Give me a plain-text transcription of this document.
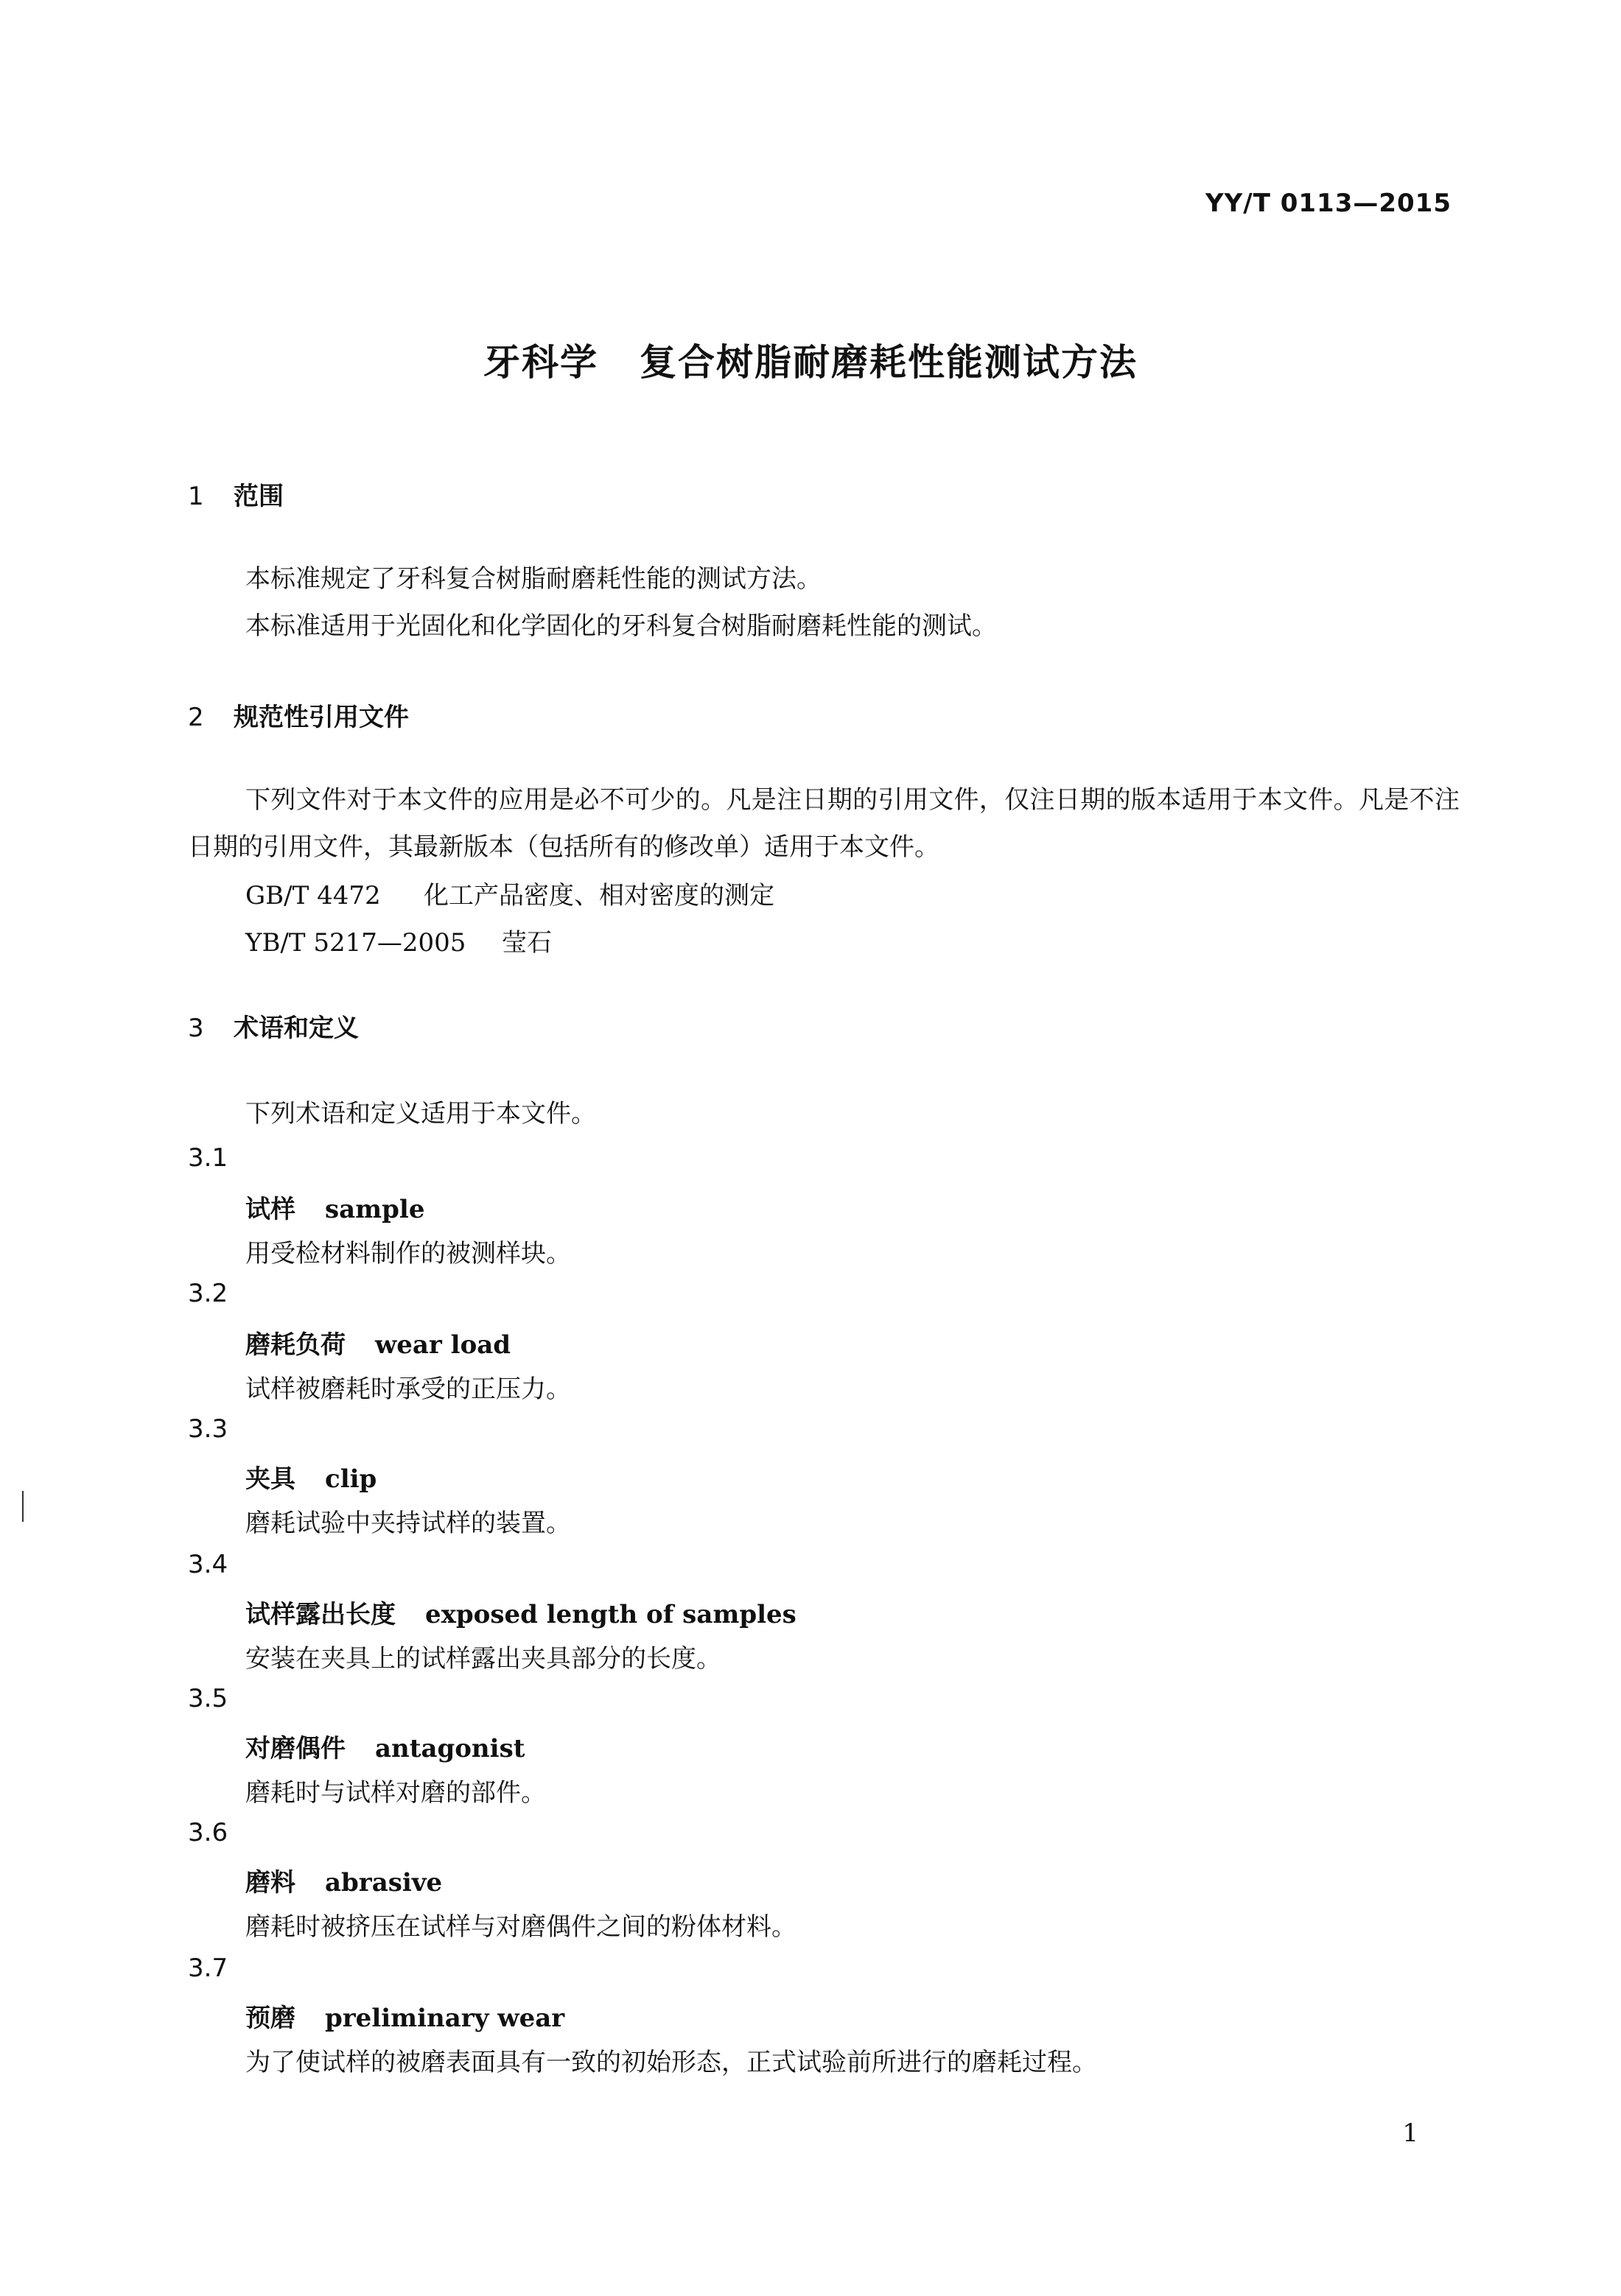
YY/T 0113—2015
牙科学 复合树脂耐磨耗性能测试方法
1 范围
本标准规定了牙科复合树脂耐磨耗性能的测试方法。
本标准适用于光固化和化学固化的牙科复合树脂耐磨耗性能的测试。
2 规范性引用文件
下列文件对于本文件的应用是必不可少的。凡是注日期的引用文件，仅注日期的版本适用于本文件。凡是不注日期的引用文件，其最新版本（包括所有的修改单）适用于本文件。
GB/T 4472 化工产品密度、相对密度的测定
YB/T 5217—2005 莹石
3 术语和定义
下列术语和定义适用于本文件。
3.1
试样 sample
用受检材料制作的被测样块。
3.2
磨耗负荷 wear load
试样被磨耗时承受的正压力。
3.3
夹具 clip
磨耗试验中夹持试样的装置。
3.4
试样露出长度 exposed length of samples
安装在夹具上的试样露出夹具部分的长度。
3.5
对磨偶件 antagonist
磨耗时与试样对磨的部件。
3.6
磨料 abrasive
磨耗时被挤压在试样与对磨偶件之间的粉体材料。
3.7
预磨 preliminary wear
为了使试样的被磨表面具有一致的初始形态，正式试验前所进行的磨耗过程。
1
